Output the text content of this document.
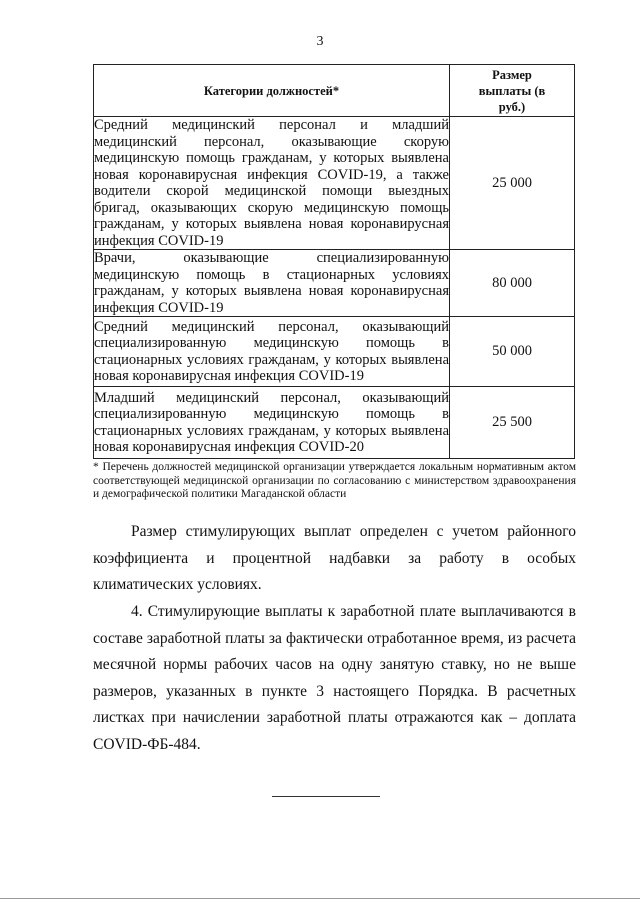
3
Категории должностей*	Размер выплаты (в руб.)
Средний медицинский персонал и младший медицинский персонал, оказывающие скорую медицинскую помощь гражданам, у которых выявлена новая коронавирусная инфекция COVID-19, а также водители скорой медицинской помощи выездных бригад, оказывающих скорую медицинскую помощь гражданам, у которых выявлена новая коронавирусная инфекция COVID-19	25 000
Врачи, оказывающие специализированную медицинскую помощь в стационарных условиях гражданам, у которых выявлена новая коронавирусная инфекция COVID-19	80 000
Средний медицинский персонал, оказывающий специализированную медицинскую помощь в стационарных условиях гражданам, у которых выявлена новая коронавирусная инфекция COVID-19	50 000
Младший медицинский персонал, оказывающий специализированную медицинскую помощь в стационарных условиях гражданам, у которых выявлена новая коронавирусная инфекция COVID-20	25 500
* Перечень должностей медицинской организации утверждается локальным нормативным актом соответствующей медицинской организации по согласованию с министерством здравоохранения и демографической политики Магаданской области
Размер стимулирующих выплат определен с учетом районного коэффициента и процентной надбавки за работу в особых климатических условиях.
4. Стимулирующие выплаты к заработной плате выплачиваются в составе заработной платы за фактически отработанное время, из расчета месячной нормы рабочих часов на одну занятую ставку, но не выше размеров, указанных в пункте 3 настоящего Порядка. В расчетных листках при начислении заработной платы отражаются как – доплата COVID-ФБ-484.
